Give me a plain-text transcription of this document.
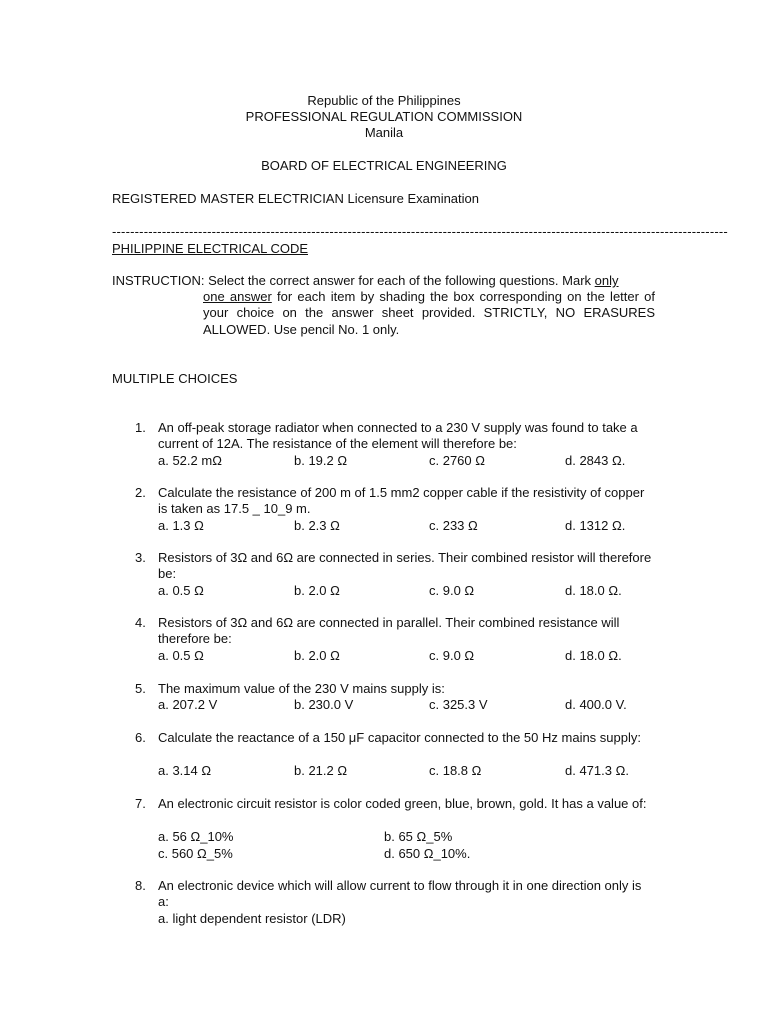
Republic of the Philippines
PROFESSIONAL REGULATION COMMISSION
Manila
BOARD OF ELECTRICAL ENGINEERING
REGISTERED MASTER ELECTRICIAN Licensure Examination
----------------------------------------------------------------------------------------------------------------------------------------
PHILIPPINE ELECTRICAL CODE
INSTRUCTION: Select the correct answer for each of the following questions. Mark only
one answer for each item by shading the box corresponding on the letter of your choice on the answer sheet provided. STRICTLY, NO ERASURES ALLOWED. Use pencil No. 1 only.
MULTIPLE CHOICES
1. An off-peak storage radiator when connected to a 230 V supply was found to take a current of 12A. The resistance of the element will therefore be:
a. 52.2 mΩ	b. 19.2 Ω	c. 2760 Ω	d. 2843 Ω.
2. Calculate the resistance of 200 m of 1.5 mm2 copper cable if the resistivity of copper is taken as 17.5 _ 10_9 m.
a. 1.3 Ω	b. 2.3 Ω	c. 233 Ω	d. 1312 Ω.
3. Resistors of 3Ω and 6Ω are connected in series. Their combined resistor will therefore be:
a. 0.5 Ω	b. 2.0 Ω	c. 9.0 Ω	d. 18.0 Ω.
4. Resistors of 3Ω and 6Ω are connected in parallel. Their combined resistance will therefore be:
a. 0.5 Ω	b. 2.0 Ω	c. 9.0 Ω	d. 18.0 Ω.
5. The maximum value of the 230 V mains supply is:
a. 207.2 V	b. 230.0 V	c. 325.3 V	d. 400.0 V.
6. Calculate the reactance of a 150 μF capacitor connected to the 50 Hz mains supply:
a. 3.14 Ω	b. 21.2 Ω	c. 18.8 Ω	d. 471.3 Ω.
7. An electronic circuit resistor is color coded green, blue, brown, gold. It has a value of:
a. 56 Ω_10%	b. 65 Ω_5%
c. 560 Ω_5%	d. 650 Ω_10%.
8. An electronic device which will allow current to flow through it in one direction only is a:
a. light dependent resistor (LDR)
